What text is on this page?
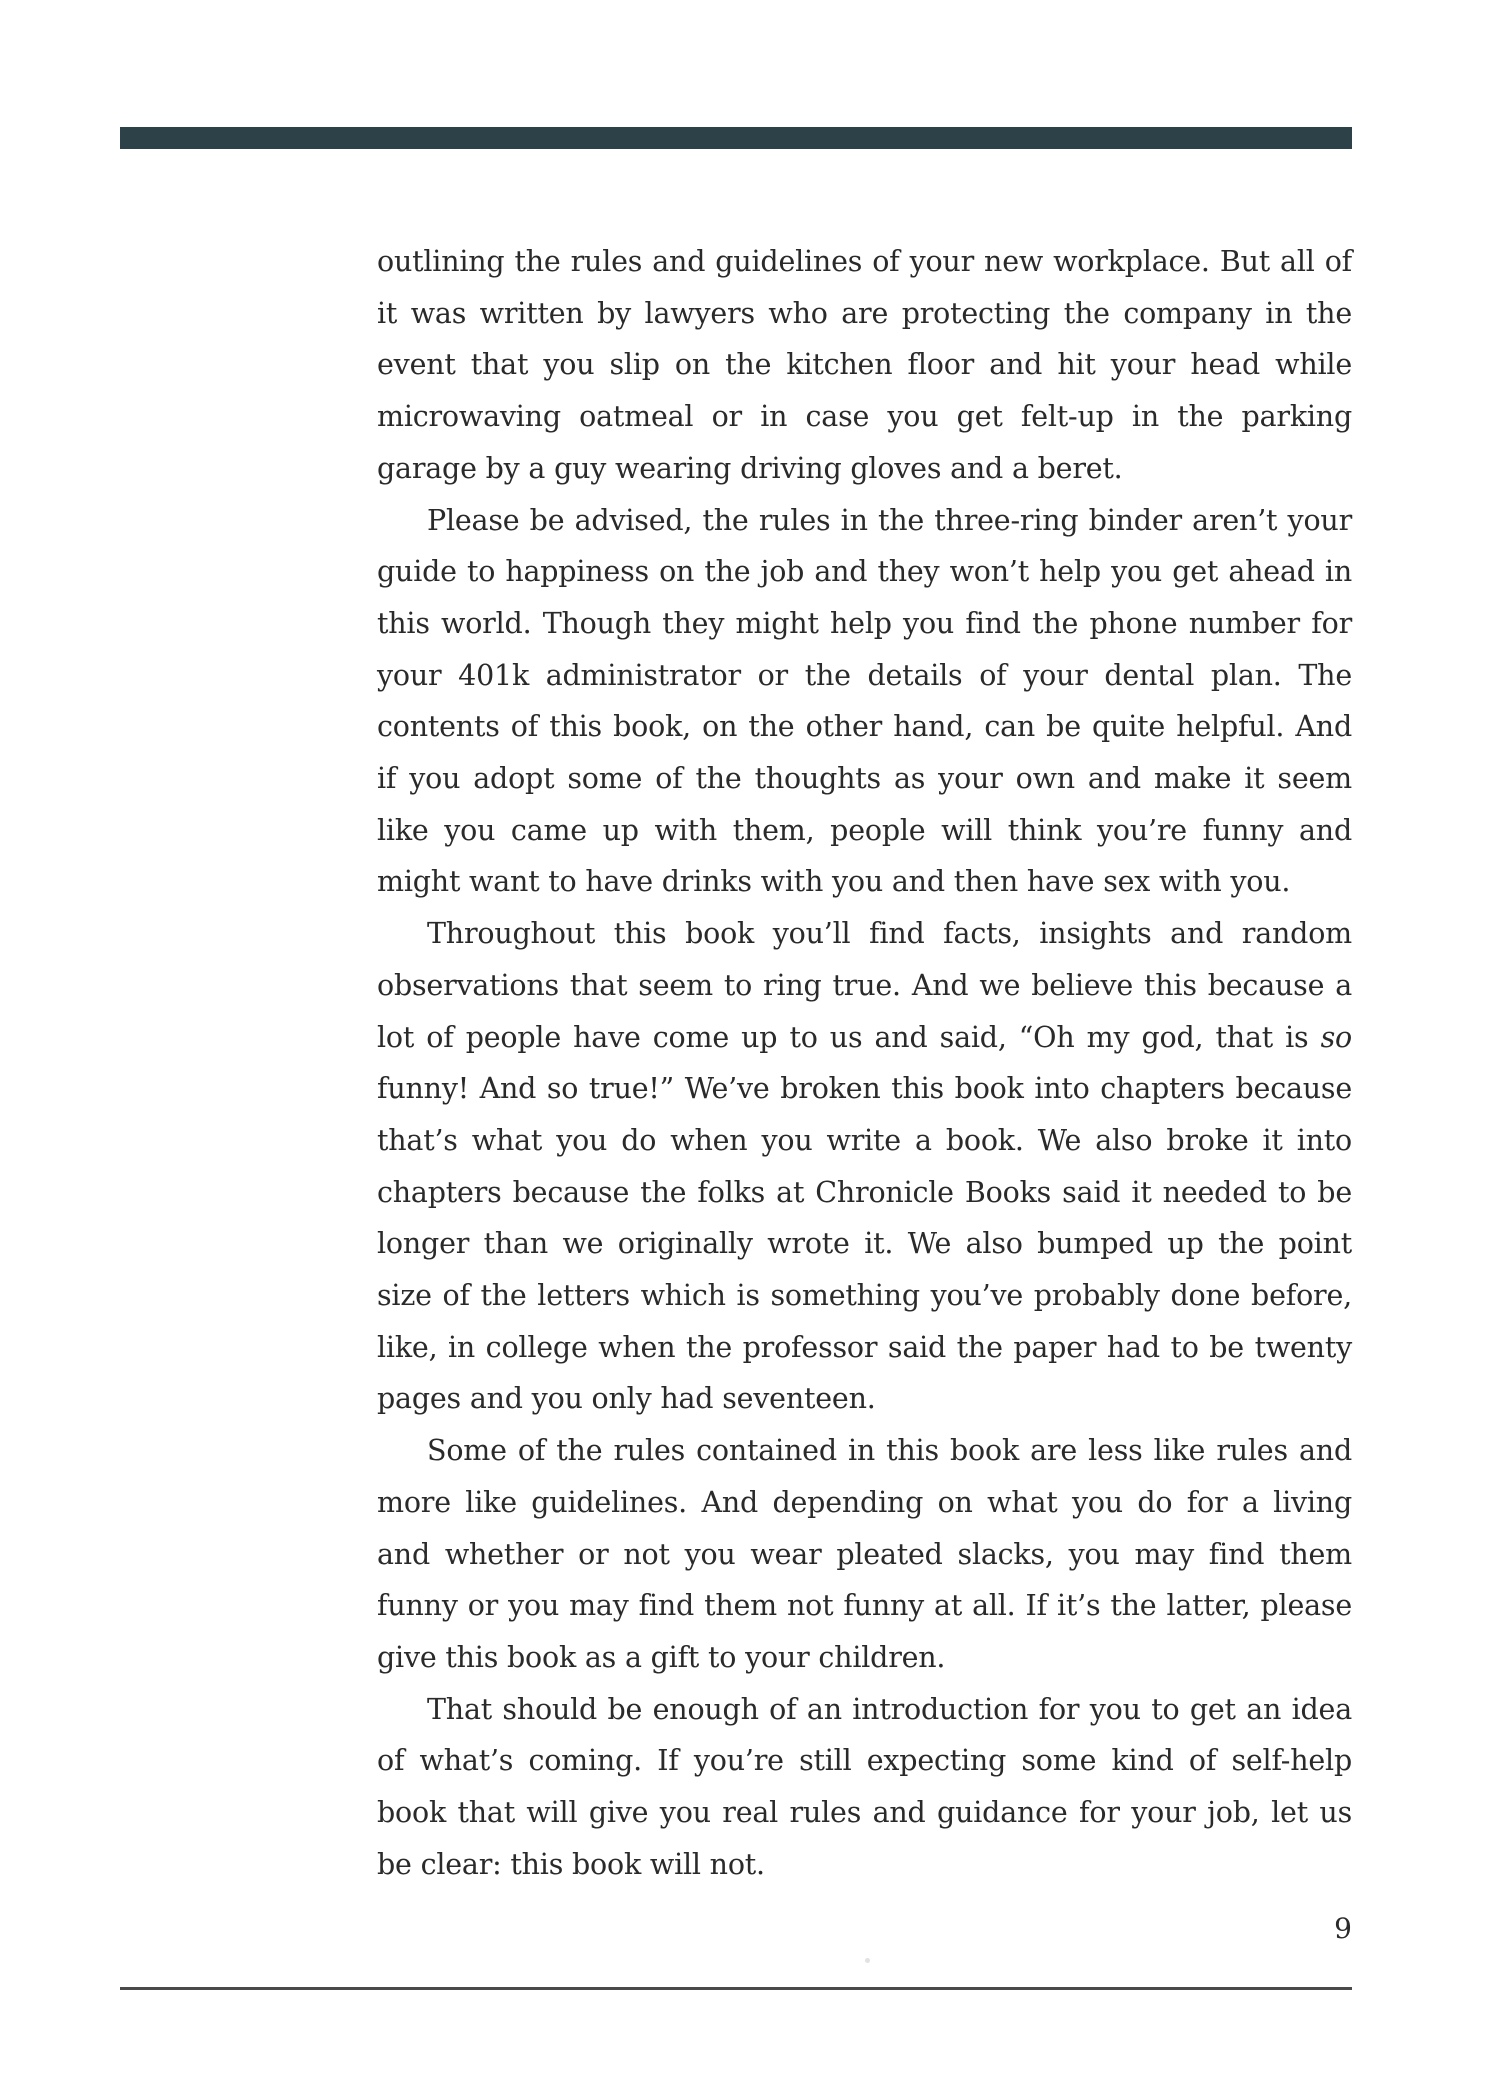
outlining the rules and guidelines of your new workplace. But all of it was written by lawyers who are protecting the company in the event that you slip on the kitchen floor and hit your head while microwaving oatmeal or in case you get felt-up in the parking garage by a guy wearing driving gloves and a beret.

Please be advised, the rules in the three-ring binder aren’t your guide to happiness on the job and they won’t help you get ahead in this world. Though they might help you find the phone number for your 401k administrator or the details of your dental plan. The contents of this book, on the other hand, can be quite helpful. And if you adopt some of the thoughts as your own and make it seem like you came up with them, people will think you’re funny and might want to have drinks with you and then have sex with you.

Throughout this book you’ll find facts, insights and random observations that seem to ring true. And we believe this because a lot of people have come up to us and said, “Oh my god, that is so funny! And so true!” We’ve broken this book into chapters because that’s what you do when you write a book. We also broke it into chapters because the folks at Chronicle Books said it needed to be longer than we originally wrote it. We also bumped up the point size of the letters which is something you’ve probably done before, like, in college when the professor said the paper had to be twenty pages and you only had seventeen.

Some of the rules contained in this book are less like rules and more like guidelines. And depending on what you do for a living and whether or not you wear pleated slacks, you may find them funny or you may find them not funny at all. If it’s the latter, please give this book as a gift to your children.

That should be enough of an introduction for you to get an idea of what’s coming. If you’re still expecting some kind of self-help book that will give you real rules and guidance for your job, let us be clear: this book will not.

9
